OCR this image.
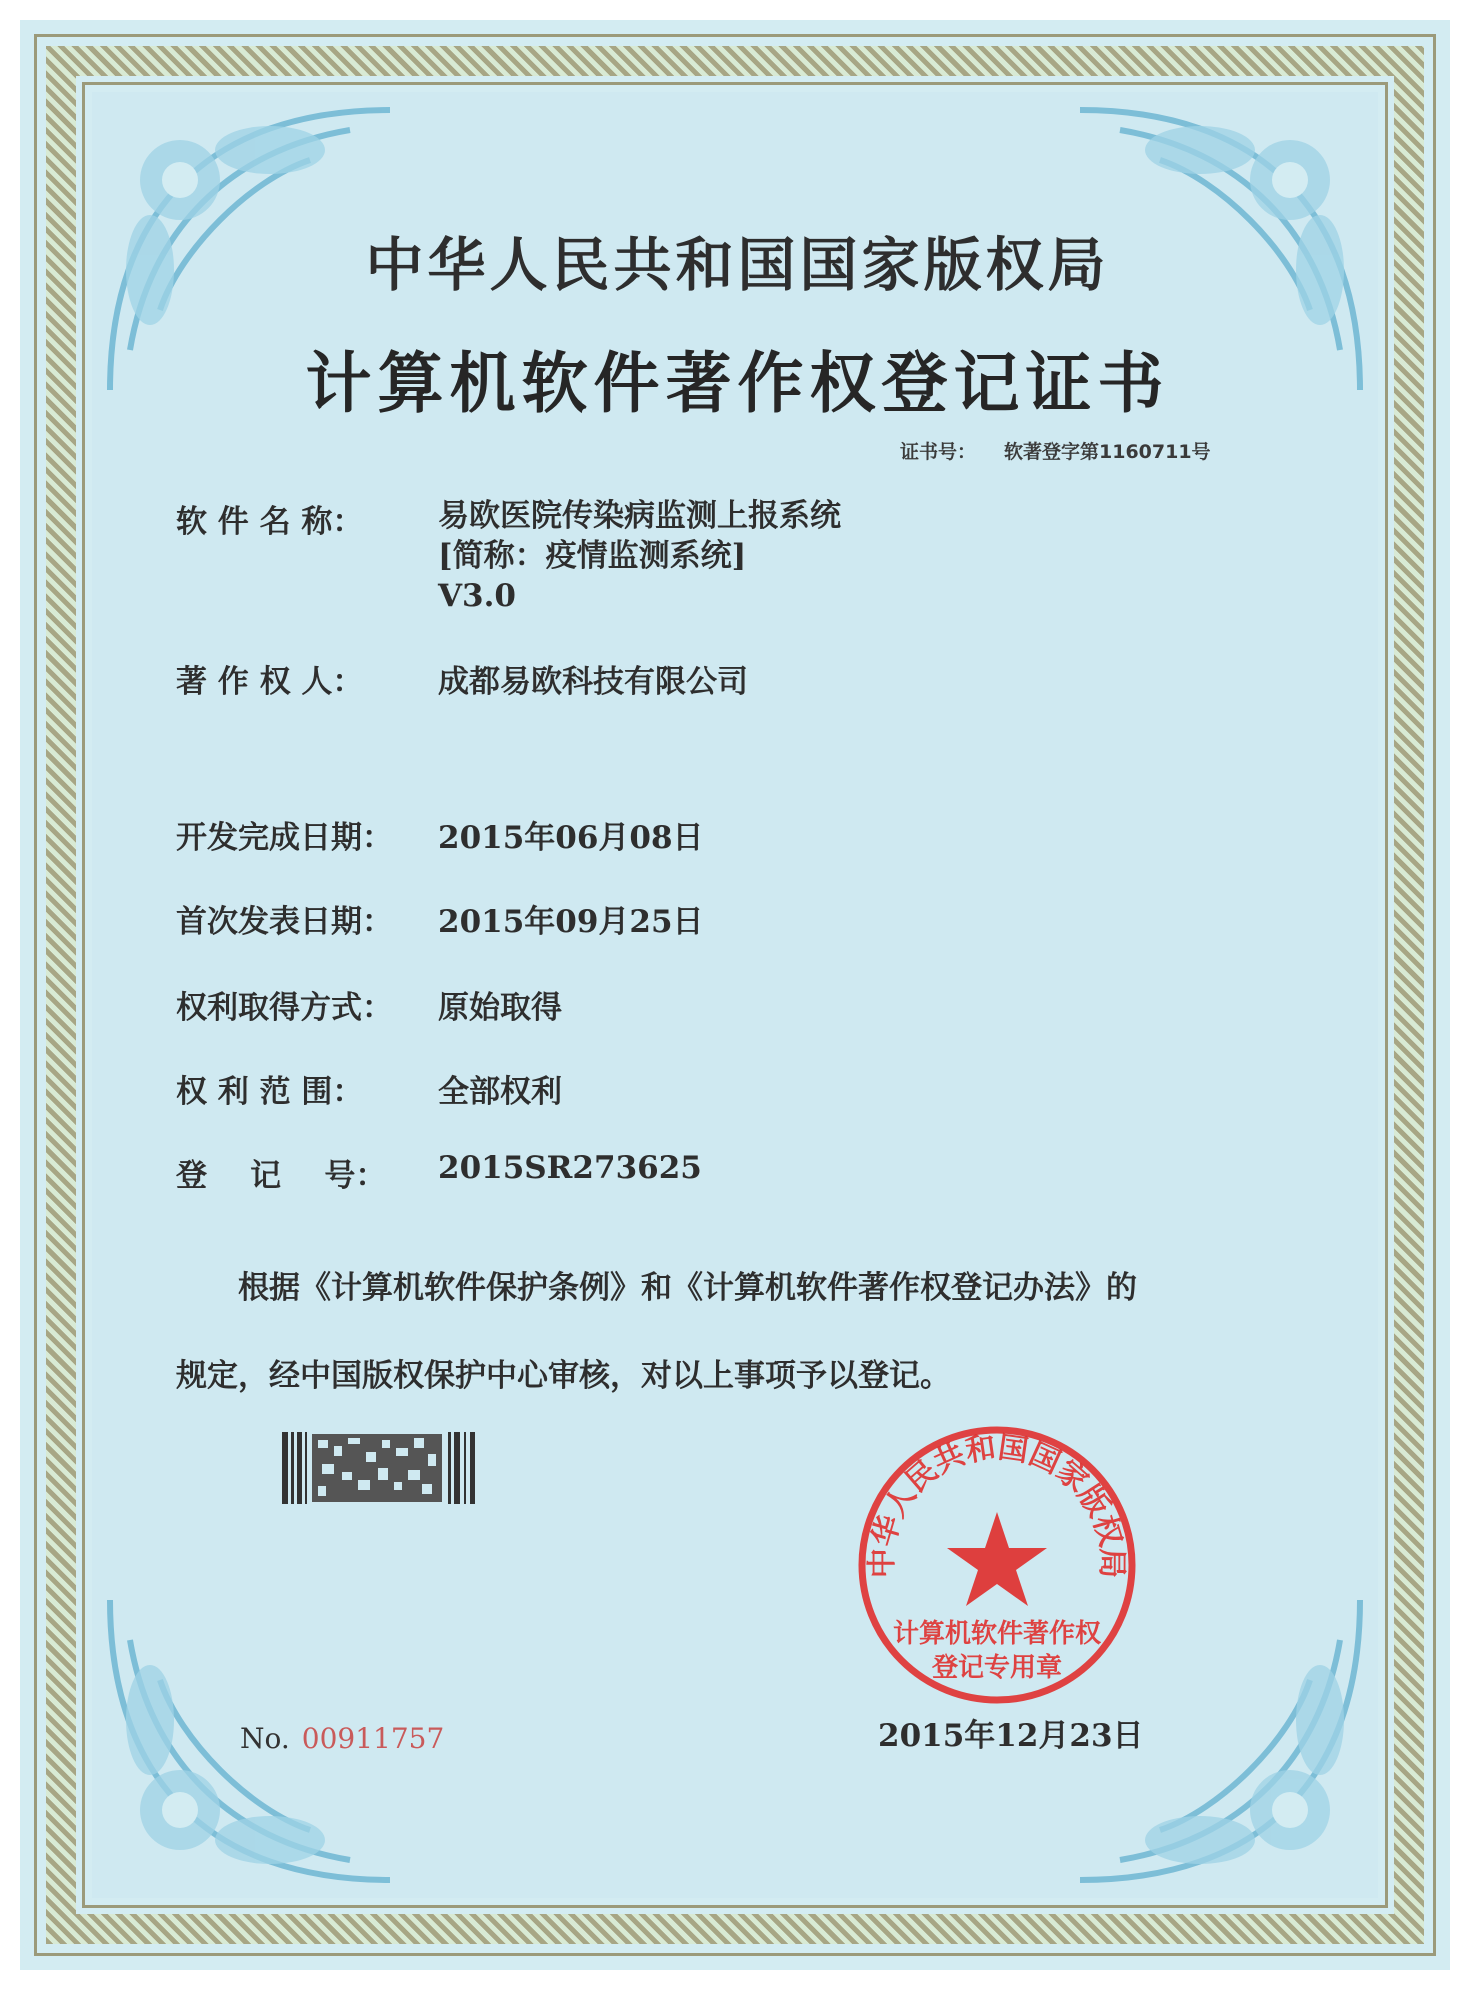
中华人民共和国国家版权局
计算机软件著作权登记证书
证书号： 软著登字第1160711号
软 件 名 称： 易欧医院传染病监测上报系统
[简称：疫情监测系统]
V3.0
著 作 权 人： 成都易欧科技有限公司
开发完成日期： 2015年06月08日
首次发表日期： 2015年09月25日
权利取得方式： 原始取得
权 利 范 围： 全部权利
登    记    号： 2015SR273625
根据《计算机软件保护条例》和《计算机软件著作权登记办法》的
规定，经中国版权保护中心审核，对以上事项予以登记。
No. 00911757
中华人民共和国国家版权局
计算机软件著作权
登记专用章
2015年12月23日
